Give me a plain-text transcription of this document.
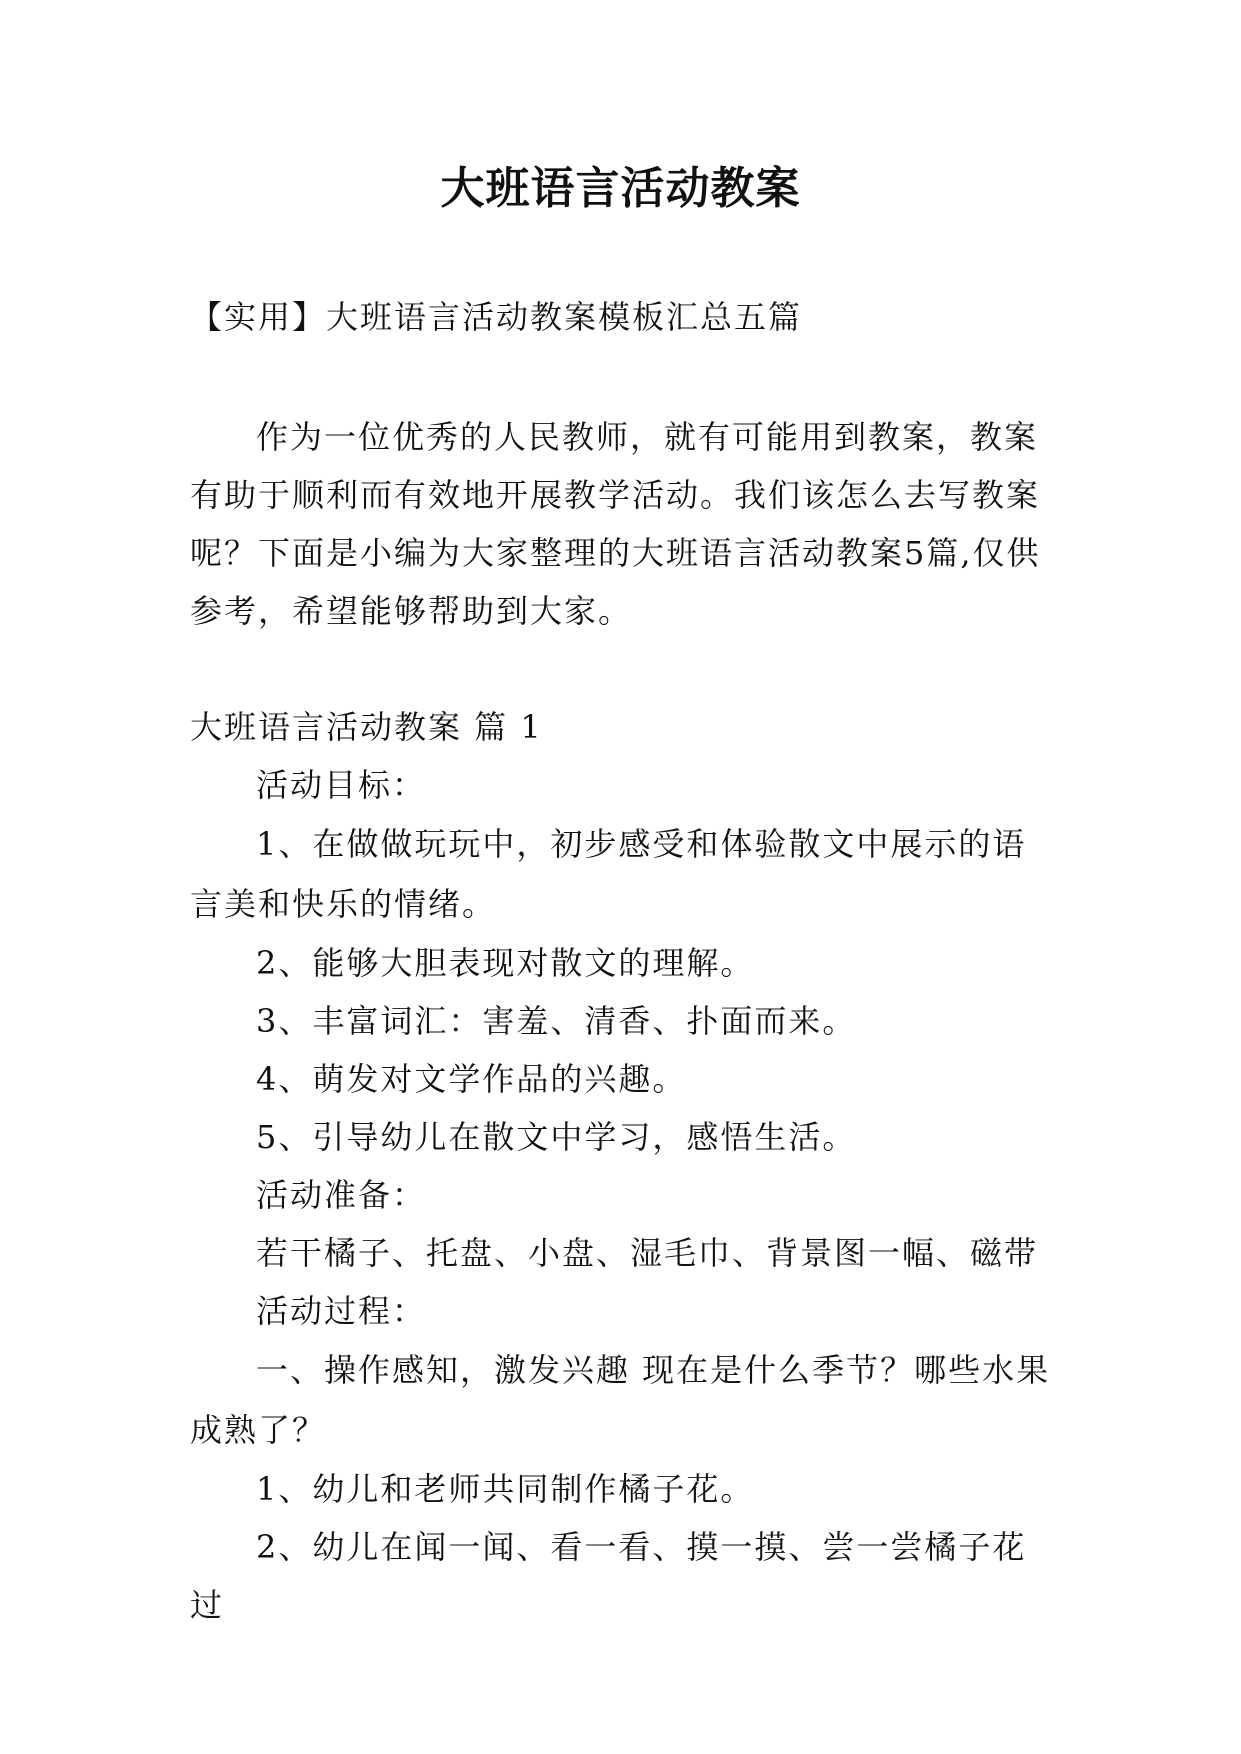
大班语言活动教案
【实用】大班语言活动教案模板汇总五篇

作为一位优秀的人民教师，就有可能用到教案，教案有助于顺利而有效地开展教学活动。我们该怎么去写教案呢？下面是小编为大家整理的大班语言活动教案5篇,仅供参考，希望能够帮助到大家。

大班语言活动教案 篇 1

活动目标：

1、在做做玩玩中，初步感受和体验散文中展示的语言美和快乐的情绪。

2、能够大胆表现对散文的理解。

3、丰富词汇：害羞、清香、扑面而来。

4、萌发对文学作品的兴趣。

5、引导幼儿在散文中学习，感悟生活。

活动准备：

若干橘子、托盘、小盘、湿毛巾、背景图一幅、磁带

活动过程：

一、操作感知，激发兴趣 现在是什么季节？哪些水果成熟了？

1、幼儿和老师共同制作橘子花。

2、幼儿在闻一闻、看一看、摸一摸、尝一尝橘子花过
